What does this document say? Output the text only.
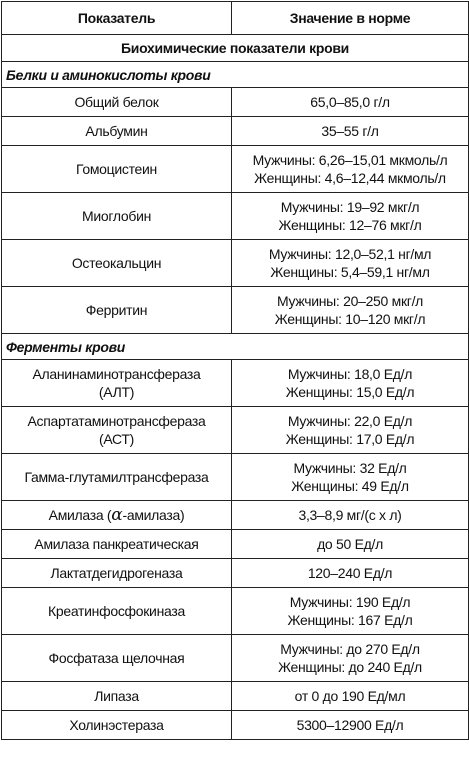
Показатель	Значение в норме
Биохимические показатели крови	
Белки и аминокислоты крови	

Общий белок	65,0–85,0 г/л

Альбумин	35–55 г/л

Гомоцистеин	Мужчины: 6,26–15,01 мкмоль/л
Женщины: 4,6–12,44 мкмоль/л

Миоглобин	Мужчины: 19–92 мкг/л
Женщины: 12–76 мкг/л

Остеокальцин	Мужчины: 12,0–52,1 нг/мл
Женщины: 5,4–59,1 нг/мл

Ферритин	Мужчины: 20–250 мкг/л
Женщины: 10–120 мкг/л

Ферменты крови	

Аланинаминотрансфераза
(АЛТ)	Мужчины: 18,0 Ед/л
Женщины: 15,0 Ед/л

Аспартатаминотрансфераза
(АСТ)	Мужчины: 22,0 Ед/л
Женщины: 17,0 Ед/л

Гамма-глутамилтрансфераза	Мужчины: 32 Ед/л
Женщины: 49 Ед/л

Амилаза (α-амилаза)	3,3–8,9 мг/(с х л)

Амилаза панкреатическая	до 50 Ед/л

Лактатдегидрогеназа	120–240 Ед/л

Креатинфосфокиназа	Мужчины: 190 Ед/л
Женщины: 167 Ед/л

Фосфатаза щелочная	Мужчины: до 270 Ед/л
Женщины: до 240 Ед/л

Липаза	от 0 до 190 Ед/мл

Холинэстераза	5300–12900 Ед/л
